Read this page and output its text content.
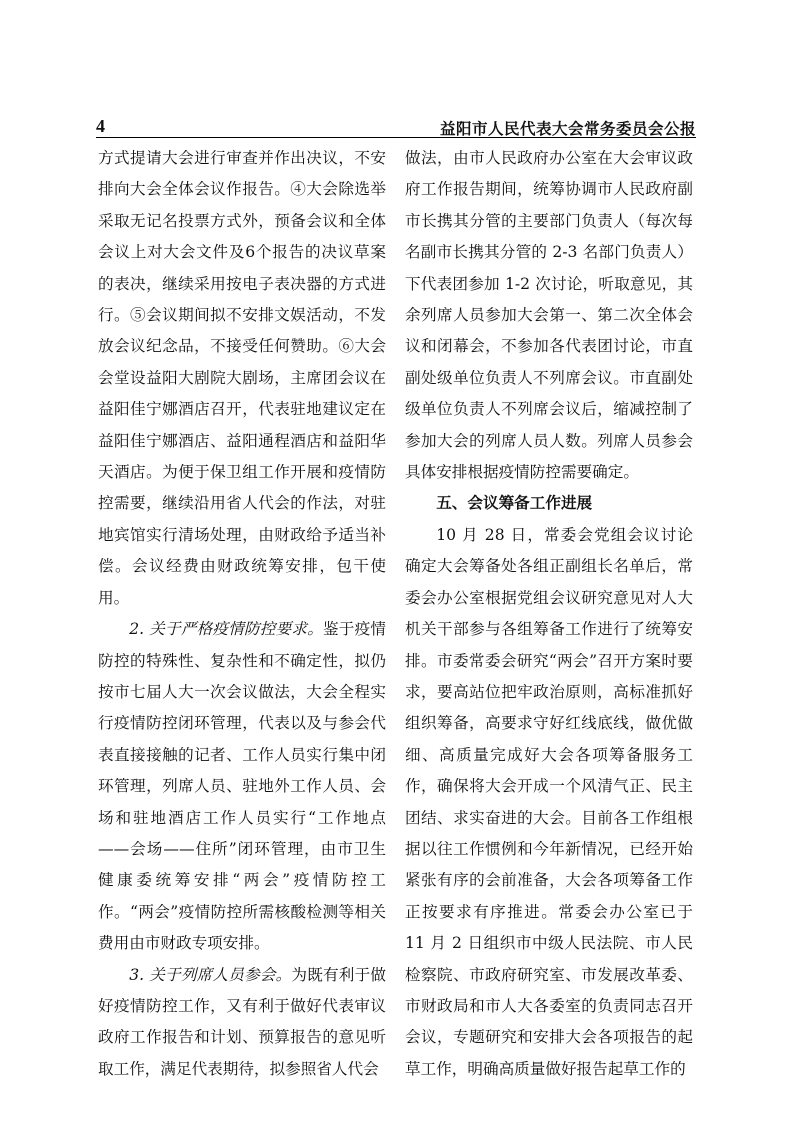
4	益阳市人民代表大会常务委员会公报

方式提请大会进行审查并作出决议，不安排向大会全体会议作报告。④大会除选举采取无记名投票方式外，预备会议和全体会议上对大会文件及6个报告的决议草案的表决，继续采用按电子表决器的方式进行。⑤会议期间拟不安排文娱活动，不发放会议纪念品，不接受任何赞助。⑥大会会堂设益阳大剧院大剧场，主席团会议在益阳佳宁娜酒店召开，代表驻地建议定在益阳佳宁娜酒店、益阳通程酒店和益阳华天酒店。为便于保卫组工作开展和疫情防控需要，继续沿用省人代会的作法，对驻地宾馆实行清场处理，由财政给予适当补偿。会议经费由财政统筹安排，包干使用。

2. 关于严格疫情防控要求。鉴于疫情防控的特殊性、复杂性和不确定性，拟仍按市七届人大一次会议做法，大会全程实行疫情防控闭环管理，代表以及与参会代表直接接触的记者、工作人员实行集中闭环管理，列席人员、驻地外工作人员、会场和驻地酒店工作人员实行“工作地点——会场——住所”闭环管理，由市卫生健康委统筹安排“两会”疫情防控工作。“两会”疫情防控所需核酸检测等相关费用由市财政专项安排。

3. 关于列席人员参会。为既有利于做好疫情防控工作，又有利于做好代表审议政府工作报告和计划、预算报告的意见听取工作，满足代表期待，拟参照省人代会

做法，由市人民政府办公室在大会审议政府工作报告期间，统筹协调市人民政府副市长携其分管的主要部门负责人（每次每名副市长携其分管的 2-3 名部门负责人）下代表团参加 1-2 次讨论，听取意见，其余列席人员参加大会第一、第二次全体会议和闭幕会，不参加各代表团讨论，市直副处级单位负责人不列席会议。市直副处级单位负责人不列席会议后，缩减控制了参加大会的列席人员人数。列席人员参会具体安排根据疫情防控需要确定。

五、会议筹备工作进展

10 月 28 日，常委会党组会议讨论确定大会筹备处各组正副组长名单后，常委会办公室根据党组会议研究意见对人大机关干部参与各组筹备工作进行了统筹安排。市委常委会研究“两会”召开方案时要求，要高站位把牢政治原则，高标准抓好组织筹备，高要求守好红线底线，做优做细、高质量完成好大会各项筹备服务工作，确保将大会开成一个风清气正、民主团结、求实奋进的大会。目前各工作组根据以往工作惯例和今年新情况，已经开始紧张有序的会前准备，大会各项筹备工作正按要求有序推进。常委会办公室已于 11 月 2 日组织市中级人民法院、市人民检察院、市政府研究室、市发展改革委、市财政局和市人大各委室的负责同志召开会议，专题研究和安排大会各项报告的起草工作，明确高质量做好报告起草工作的
